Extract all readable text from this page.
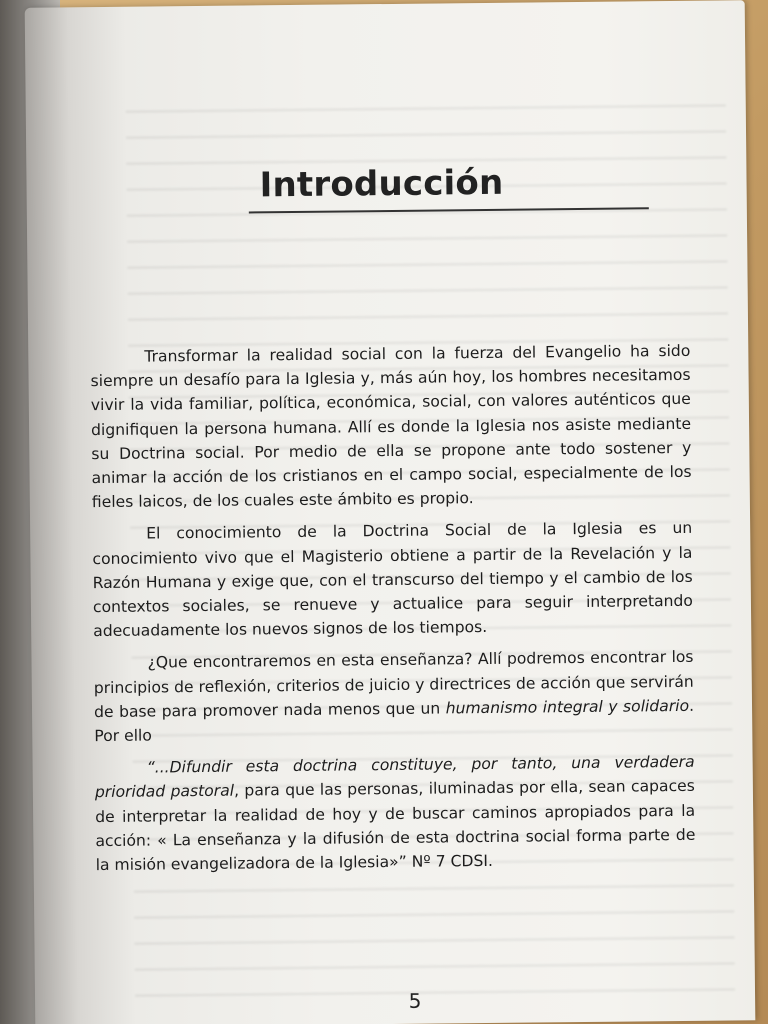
Introducción

Transformar la realidad social con la fuerza del Evangelio ha sido siempre un desafío para la Iglesia y, más aún hoy, los hombres necesitamos vivir la vida familiar, política, económica, social, con valores auténticos que dignifiquen la persona humana. Allí es donde la Iglesia nos asiste mediante su Doctrina social. Por medio de ella se propone ante todo sostener y animar la acción de los cristianos en el campo social, especialmente de los fieles laicos, de los cuales este ámbito es propio.

El conocimiento de la Doctrina Social de la Iglesia es un conocimiento vivo que el Magisterio obtiene a partir de la Revelación y la Razón Humana y exige que, con el transcurso del tiempo y el cambio de los contextos sociales, se renueve y actualice para seguir interpretando adecuadamente los nuevos signos de los tiempos.

¿Que encontraremos en esta enseñanza? Allí podremos encontrar los principios de reflexión, criterios de juicio y directrices de acción que servirán de base para promover nada menos que un humanismo integral y solidario. Por ello

“...Difundir esta doctrina constituye, por tanto, una verdadera prioridad pastoral, para que las personas, iluminadas por ella, sean capaces de interpretar la realidad de hoy y de buscar caminos apropiados para la acción: « La enseñanza y la difusión de esta doctrina social forma parte de la misión evangelizadora de la Iglesia»” Nº 7 CDSI.

5
